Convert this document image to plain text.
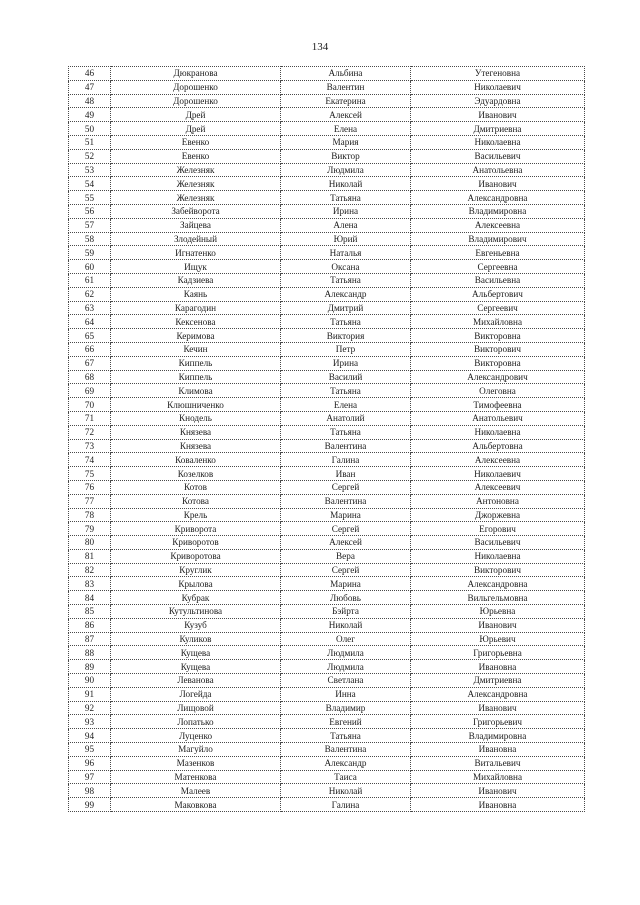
134
46	Дюкранова	Альбина	Утегеновна
47	Дорошенко	Валентин	Николаевич
48	Дорошенко	Екатерина	Эдуардовна
49	Дрей	Алексей	Иванович
50	Дрей	Елена	Дмитриевна
51	Евенко	Мария	Николаевна
52	Евенко	Виктор	Васильевич
53	Железняк	Людмила	Анатольевна
54	Железняк	Николай	Иванович
55	Железняк	Татьяна	Александровна
56	Забейворота	Ирина	Владимировна
57	Зайцева	Алена	Алексеевна
58	Злодейный	Юрий	Владимирович
59	Игнатенко	Наталья	Евгеньевна
60	Ищук	Оксана	Сергеевна
61	Кадзиева	Татьяна	Васильевна
62	Каянь	Александр	Альбертович
63	Карагодин	Дмитрий	Сергеевич
64	Кексенова	Татьяна	Михайловна
65	Керимова	Виктория	Викторовна
66	Кечин	Петр	Викторович
67	Киппель	Ирина	Викторовна
68	Киппель	Василий	Александрович
69	Климова	Татьяна	Олеговна
70	Клюшниченко	Елена	Тимофеевна
71	Кнодель	Анатолий	Анатольевич
72	Князева	Татьяна	Николаевна
73	Князева	Валентина	Альбертовна
74	Коваленко	Галина	Алексеевна
75	Козелков	Иван	Николаевич
76	Котов	Сергей	Алексеевич
77	Котова	Валентина	Антоновна
78	Крель	Марина	Джоржевна
79	Криворота	Сергей	Егорович
80	Криворотов	Алексей	Васильевич
81	Криворотова	Вера	Николаевна
82	Круглик	Сергей	Викторович
83	Крылова	Марина	Александровна
84	Кубрак	Любовь	Вильгельмовна
85	Кутультинова	Бэйрта	Юрьевна
86	Кузуб	Николай	Иванович
87	Куликов	Олег	Юрьевич
88	Кущева	Людмила	Григорьевна
89	Кущева	Людмила	Ивановна
90	Леванова	Светлана	Дмитриевна
91	Логейда	Инна	Александровна
92	Лищовой	Владимир	Иванович
93	Лопатько	Евгений	Григорьевич
94	Луценко	Татьяна	Владимировна
95	Магуйло	Валентина	Ивановна
96	Мазенков	Александр	Витальевич
97	Матенкова	Таиса	Михайловна
98	Малеев	Николай	Иванович
99	Маковкова	Галина	Ивановна
